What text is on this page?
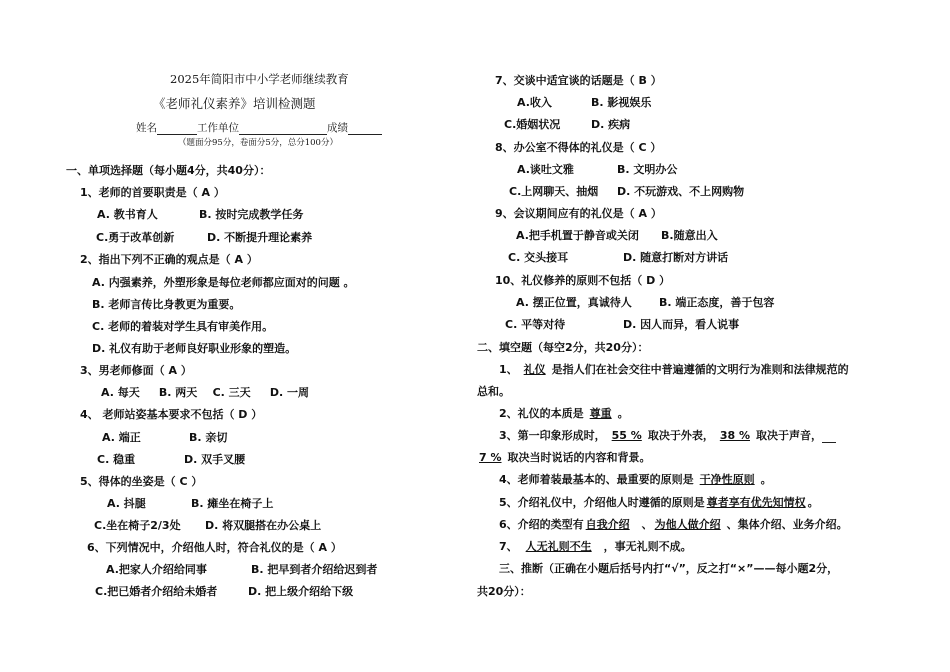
2025年简阳市中小学老师继续教育
《老师礼仪素养》培训检测题
姓名	工作单位	成绩
（题面分95分，卷面分5分，总分100分）
一、单项选择题（每小题4分，共40分）：
1、老师的首要职责是（ A ）
A. 教书育人	B. 按时完成教学任务
C.勇于改革创新	D. 不断提升理论素养
2、指出下列不正确的观点是（ A ）
A. 内强素养，外塑形象是每位老师都应面对的问题 。
B. 老师言传比身教更为重要。
C. 老师的着装对学生具有审美作用。
D. 礼仪有助于老师良好职业形象的塑造。
3、男老师修面（ A ）
A. 每天     B. 两天    C. 三天     D. 一周
4、 老师站姿基本要求不包括（ D ）
A. 端正	B. 亲切
C. 稳重	D. 双手叉腰
5、得体的坐姿是（ C ）
A. 抖腿	B. 瘫坐在椅子上
C.坐在椅子2/3处 D. 将双腿搭在办公桌上
6、下列情况中，介绍他人时，符合礼仪的是（ A ）
A.把家人介绍给同事	B. 把早到者介绍给迟到者
C.把已婚者介绍给未婚者	D. 把上级介绍给下级
7、交谈中适宜谈的话题是（ B ）
A.收入	B. 影视娱乐
C.婚姻状况	D. 疾病
8、办公室不得体的礼仪是（ C ）
A.谈吐文雅	B. 文明办公
C.上网聊天、抽烟 D. 不玩游戏、不上网购物
9、会议期间应有的礼仪是（ A ）
A.把手机置于静音或关闭 B.随意出入
C. 交头接耳	D. 随意打断对方讲话
10、礼仪修养的原则不包括（ D ）
A. 摆正位置，真诚待人 B. 端正态度，善于包容
C. 平等对待	D. 因人而异，看人说事
二、填空题（每空2分，共20分）：
1、 礼仪 是指人们在社会交往中普遍遵循的文明行为准则和法律规范的
总和。
2、礼仪的本质是 尊重 。
3、第一印象形成时， 55 % 取决于外表， 38 % 取决于声音，
7 % 取决当时说话的内容和背景。
4、老师着装最基本的、最重要的原则是 干净性原则 。
5、介绍礼仪中，介绍他人时遵循的原则是 尊者享有优先知情权 。
6、介绍的类型有 自我介绍 、 为他人做介绍 、集体介绍、业务介绍。
7、 人无礼则不生 ，事无礼则不成。
三、推断（正确在小题后括号内打“√”，反之打“×”——每小题2分，
共20分）：
